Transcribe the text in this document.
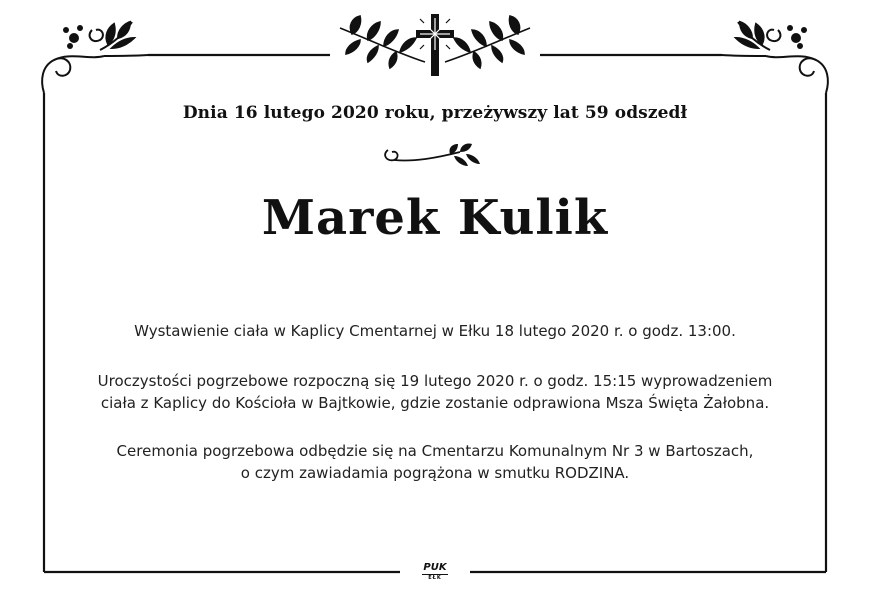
Dnia 16 lutego 2020 roku, przeżywszy lat 59 odszedł
Marek Kulik
Wystawienie ciała w Kaplicy Cmentarnej w Ełku 18 lutego 2020 r. o godz. 13:00.
Uroczystości pogrzebowe rozpoczną się 19 lutego 2020 r. o godz. 15:15 wyprowadzeniem
ciała z Kaplicy do Kościoła w Bajtkowie, gdzie zostanie odprawiona Msza Święta Żałobna.
Ceremonia pogrzebowa odbędzie się na Cmentarzu Komunalnym Nr 3 w Bartoszach,
o czym zawiadamia pogrążona w smutku RODZINA.
PUK
EŁK
